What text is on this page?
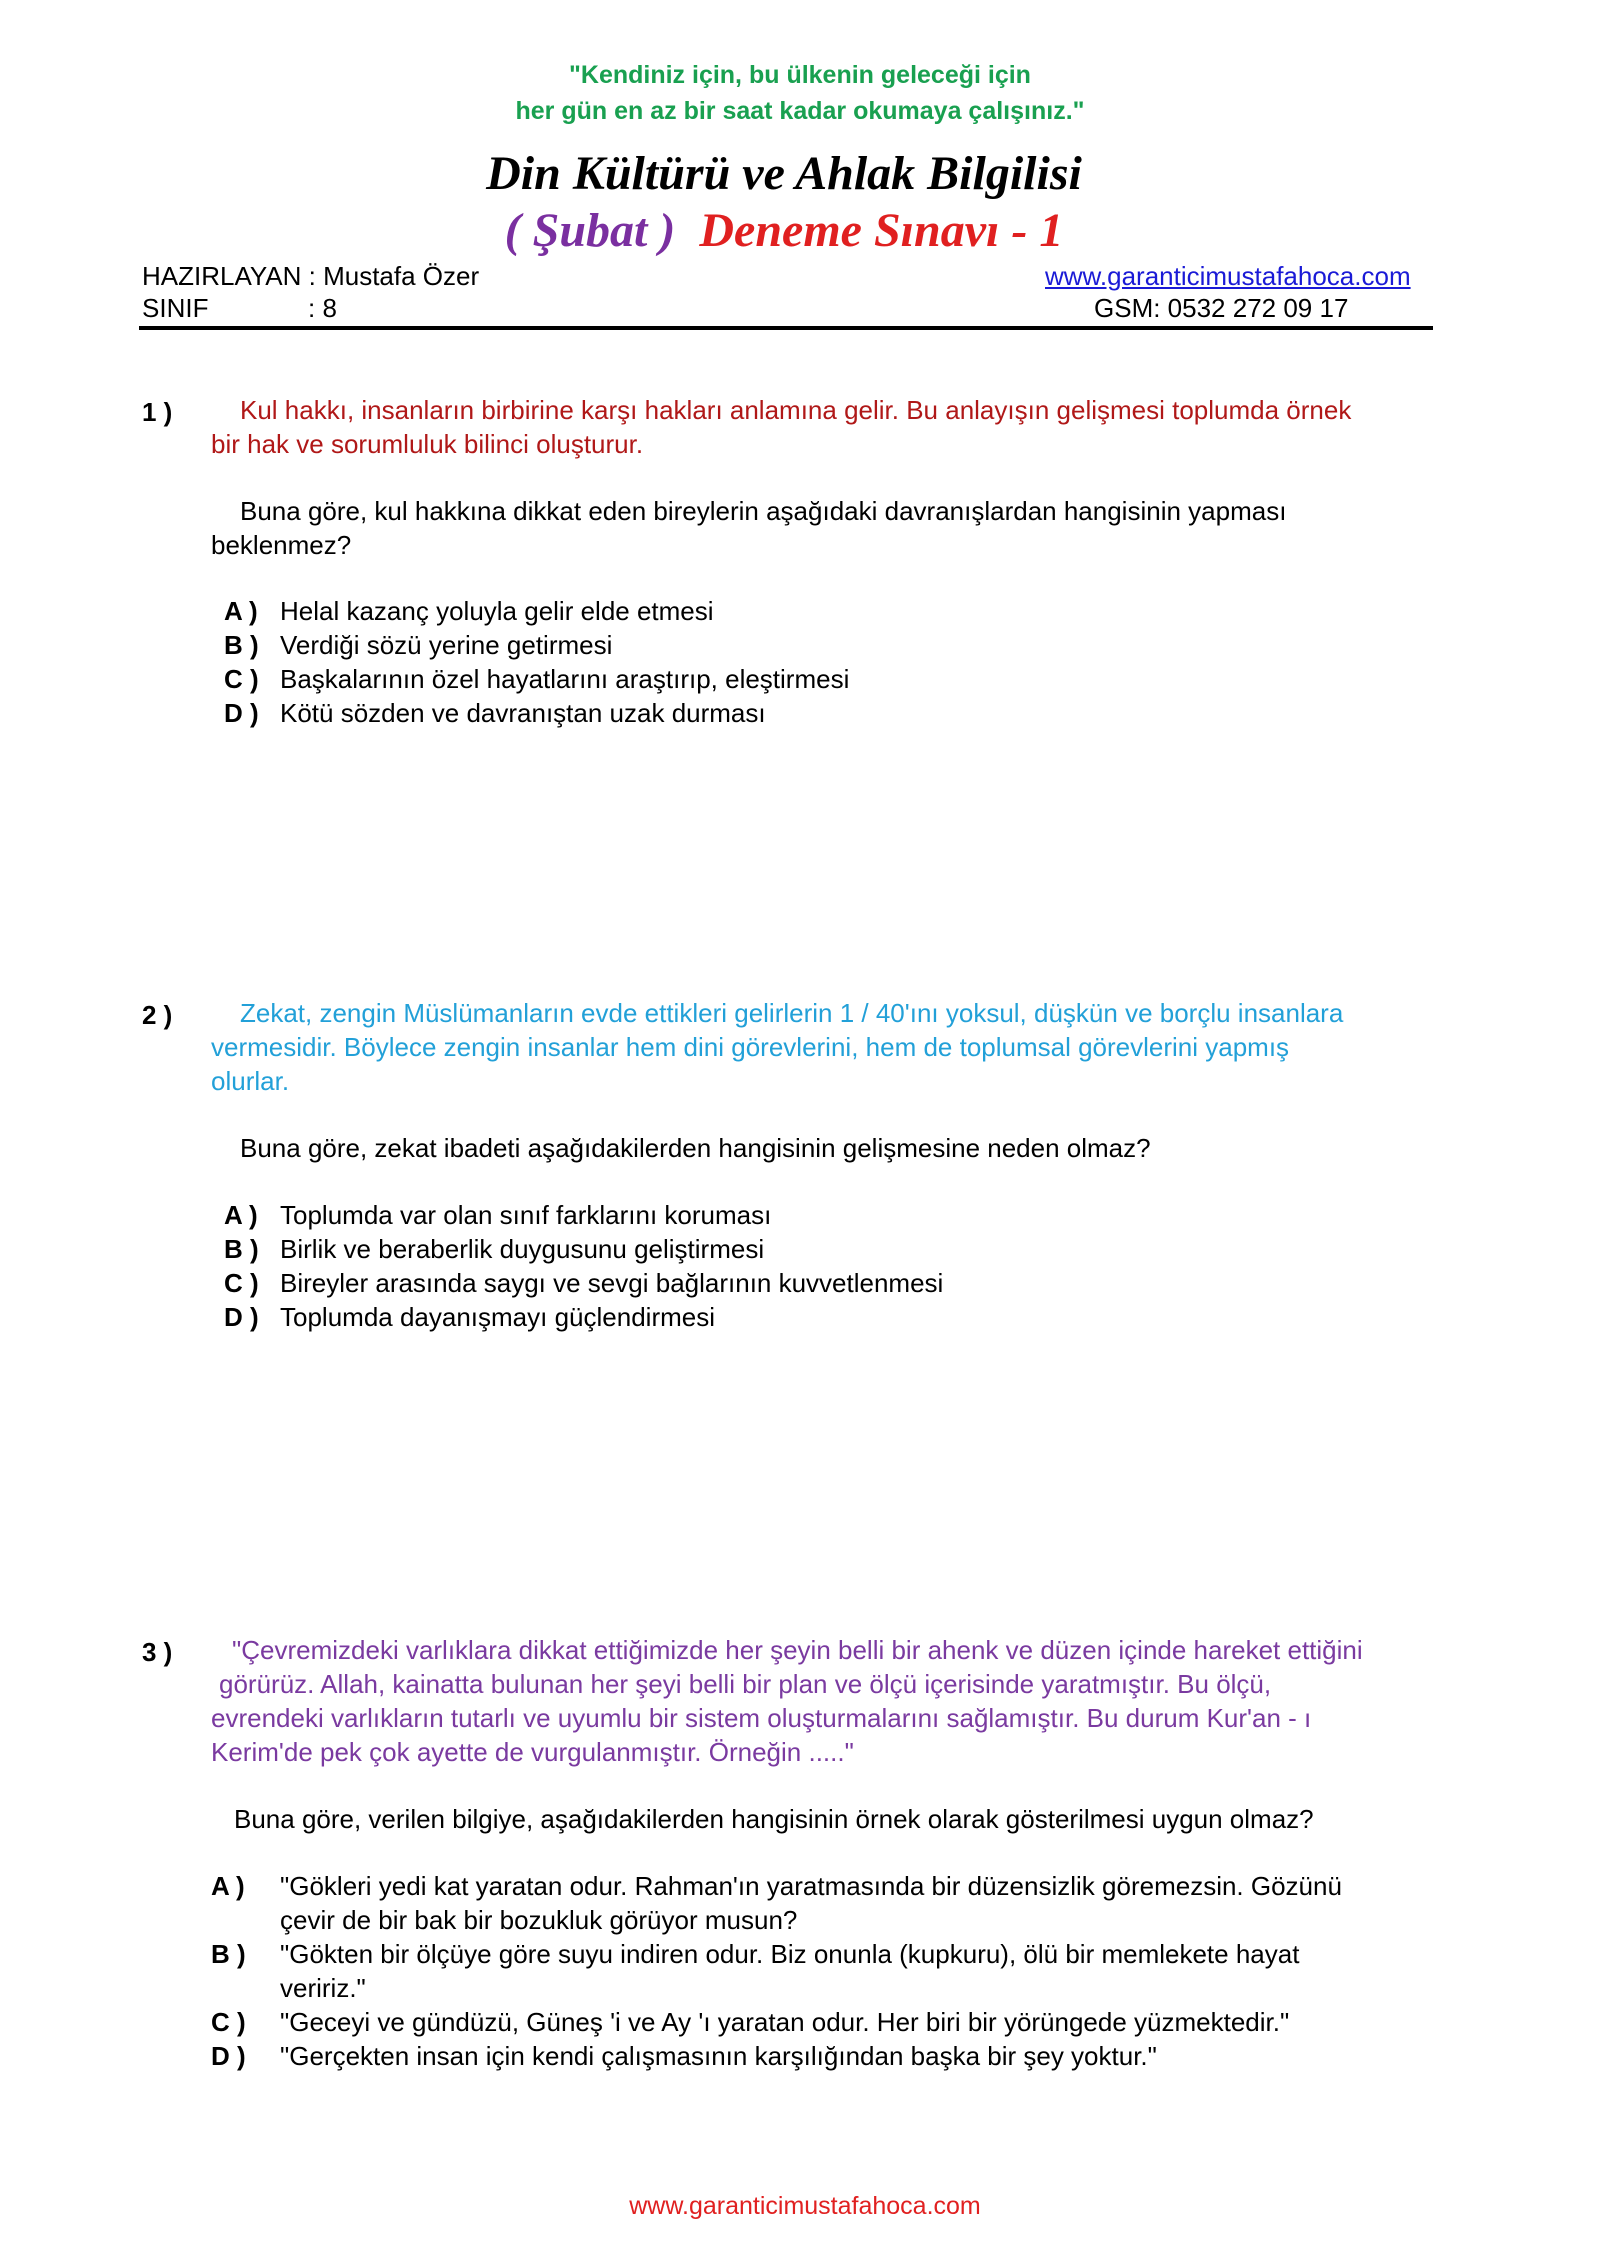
"Kendiniz için, bu ülkenin geleceği için
her gün en az bir saat kadar okumaya çalışınız."
Din Kültürü ve Ahlak Bilgilisi
( Şubat ) Deneme Sınavı - 1
HAZIRLAYAN : Mustafa Özer	www.garanticimustafahoca.com
SINIF	: 8	GSM: 0532 272 09 17
1 )	Kul hakkı, insanların birbirine karşı hakları anlamına gelir. Bu anlayışın gelişmesi toplumda örnek
bir hak ve sorumluluk bilinci oluşturur.
Buna göre, kul hakkına dikkat eden bireylerin aşağıdaki davranışlardan hangisinin yapması
beklenmez?
A ) Helal kazanç yoluyla gelir elde etmesi
B ) Verdiği sözü yerine getirmesi
C ) Başkalarının özel hayatlarını araştırıp, eleştirmesi
D ) Kötü sözden ve davranıştan uzak durması
2 )	Zekat, zengin Müslümanların evde ettikleri gelirlerin 1 / 40'ını yoksul, düşkün ve borçlu insanlara
vermesidir. Böylece zengin insanlar hem dini görevlerini, hem de toplumsal görevlerini yapmış
olurlar.
Buna göre, zekat ibadeti aşağıdakilerden hangisinin gelişmesine neden olmaz?
A ) Toplumda var olan sınıf farklarını koruması
B ) Birlik ve beraberlik duygusunu geliştirmesi
C ) Bireyler arasında saygı ve sevgi bağlarının kuvvetlenmesi
D ) Toplumda dayanışmayı güçlendirmesi
3 ) "Çevremizdeki varlıklara dikkat ettiğimizde her şeyin belli bir ahenk ve düzen içinde hareket ettiğini
görürüz. Allah, kainatta bulunan her şeyi belli bir plan ve ölçü içerisinde yaratmıştır. Bu ölçü,
evrendeki varlıkların tutarlı ve uyumlu bir sistem oluşturmalarını sağlamıştır. Bu durum Kur'an - ı
Kerim'de pek çok ayette de vurgulanmıştır. Örneğin ....."
Buna göre, verilen bilgiye, aşağıdakilerden hangisinin örnek olarak gösterilmesi uygun olmaz?
A ) "Gökleri yedi kat yaratan odur. Rahman'ın yaratmasında bir düzensizlik göremezsin. Gözünü
çevir de bir bak bir bozukluk görüyor musun?
B ) "Gökten bir ölçüye göre suyu indiren odur. Biz onunla (kupkuru), ölü bir memlekete hayat
veririz."
C ) "Geceyi ve gündüzü, Güneş 'i ve Ay 'ı yaratan odur. Her biri bir yörüngede yüzmektedir."
D ) "Gerçekten insan için kendi çalışmasının karşılığından başka bir şey yoktur."
www.garanticimustafahoca.com
